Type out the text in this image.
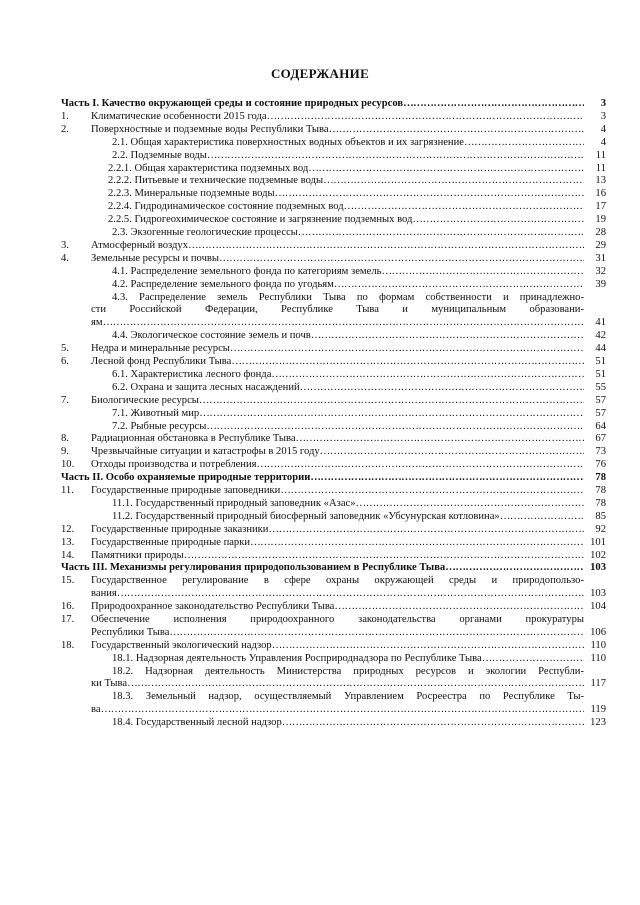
СОДЕРЖАНИЕ
Часть I. Качество окружающей среды и состояние природных ресурсов …………………………………………………………………………………………………………………………………………………………………………………………	3
1. Климатические особенности 2015 года …………………………………………………………………………………………………………………………………………………………………………………………	3
2. Поверхностные и подземные воды Республики Тыва …………………………………………………………………………………………………………………………………………………………………………………………	4
2.1. Общая характеристика поверхностных водных объектов и их загрязнение …………………………………………………………………………………………………………………………………………………………………………………………	4
2.2. Подземные воды …………………………………………………………………………………………………………………………………………………………………………………………	11
2.2.1. Общая характеристика подземных вод …………………………………………………………………………………………………………………………………………………………………………………………	11
2.2.2. Питьевые и технические подземные воды …………………………………………………………………………………………………………………………………………………………………………………………	13
2.2.3. Минеральные подземные воды …………………………………………………………………………………………………………………………………………………………………………………………	16
2.2.4. Гидродинамическое состояние подземных вод …………………………………………………………………………………………………………………………………………………………………………………………	17
2.2.5. Гидрогеохимическое состояние и загрязнение подземных вод …………………………………………………………………………………………………………………………………………………………………………………………	19
2.3. Экзогенные геологические процессы …………………………………………………………………………………………………………………………………………………………………………………………	28
3. Атмосферный воздух …………………………………………………………………………………………………………………………………………………………………………………………	29
4. Земельные ресурсы и почвы …………………………………………………………………………………………………………………………………………………………………………………………	31
4.1. Распределение земельного фонда по категориям земель …………………………………………………………………………………………………………………………………………………………………………………………	32
4.2. Распределение земельного фонда по угодьям …………………………………………………………………………………………………………………………………………………………………………………………	39
4.3. Распределение земель Республики Тыва по формам собственности и принадлежно-
сти Российской Федерации, Республике Тыва и муниципальным образовани-
ям …………………………………………………………………………………………………………………………………………………………………………………………	41
4.4. Экологическое состояние земель и почв …………………………………………………………………………………………………………………………………………………………………………………………	42
5. Недра и минеральные ресурсы …………………………………………………………………………………………………………………………………………………………………………………………	44
6. Лесной фонд Республики Тыва …………………………………………………………………………………………………………………………………………………………………………………………	51
6.1. Характеристика лесного фонда …………………………………………………………………………………………………………………………………………………………………………………………	51
6.2. Охрана и защита лесных насаждений …………………………………………………………………………………………………………………………………………………………………………………………	55
7. Биологические ресурсы …………………………………………………………………………………………………………………………………………………………………………………………	57
7.1. Животный мир …………………………………………………………………………………………………………………………………………………………………………………………	57
7.2. Рыбные ресурсы …………………………………………………………………………………………………………………………………………………………………………………………	64
8. Радиационная обстановка в Республике Тыва …………………………………………………………………………………………………………………………………………………………………………………………	67
9. Чрезвычайные ситуации и катастрофы в 2015 году …………………………………………………………………………………………………………………………………………………………………………………………	73
10. Отходы производства и потребления …………………………………………………………………………………………………………………………………………………………………………………………	76
Часть II. Особо охраняемые природные территории …………………………………………………………………………………………………………………………………………………………………………………………	78
11. Государственные природные заповедники …………………………………………………………………………………………………………………………………………………………………………………………	78
11.1. Государственный природный заповедник «Азас» …………………………………………………………………………………………………………………………………………………………………………………………	78
11.2. Государственный природный биосферный заповедник «Убсунурская котловина» …………………………………………………………………………………………………………………………………………………………………………………………	85
12. Государственные природные заказники …………………………………………………………………………………………………………………………………………………………………………………………	92
13. Государственные природные парки …………………………………………………………………………………………………………………………………………………………………………………………	101
14. Памятники природы …………………………………………………………………………………………………………………………………………………………………………………………	102
Часть III. Механизмы регулирования природопользованием в Республике Тыва …………………………………………………………………………………………………………………………………………………………………………………………	103
15. Государственное регулирование в сфере охраны окружающей среды и природопользо-
вания …………………………………………………………………………………………………………………………………………………………………………………………	103
16. Природоохранное законодательство Республики Тыва …………………………………………………………………………………………………………………………………………………………………………………………	104
17. Обеспечение исполнения природоохранного законодательства органами прокуратуры
Республики Тыва …………………………………………………………………………………………………………………………………………………………………………………………	106
18. Государственный экологический надзор …………………………………………………………………………………………………………………………………………………………………………………………	110
18.1. Надзорная деятельность Управления Росприроднадзора по Республике Тыва …………………………………………………………………………………………………………………………………………………………………………………………	110
18.2. Надзорная деятельность Министерства природных ресурсов и экологии Республи-
ки Тыва …………………………………………………………………………………………………………………………………………………………………………………………	117
18.3. Земельный надзор, осуществляемый Управлением Росреестра по Республике Ты-
ва …………………………………………………………………………………………………………………………………………………………………………………………	119
18.4. Государственный лесной надзор …………………………………………………………………………………………………………………………………………………………………………………………	123
